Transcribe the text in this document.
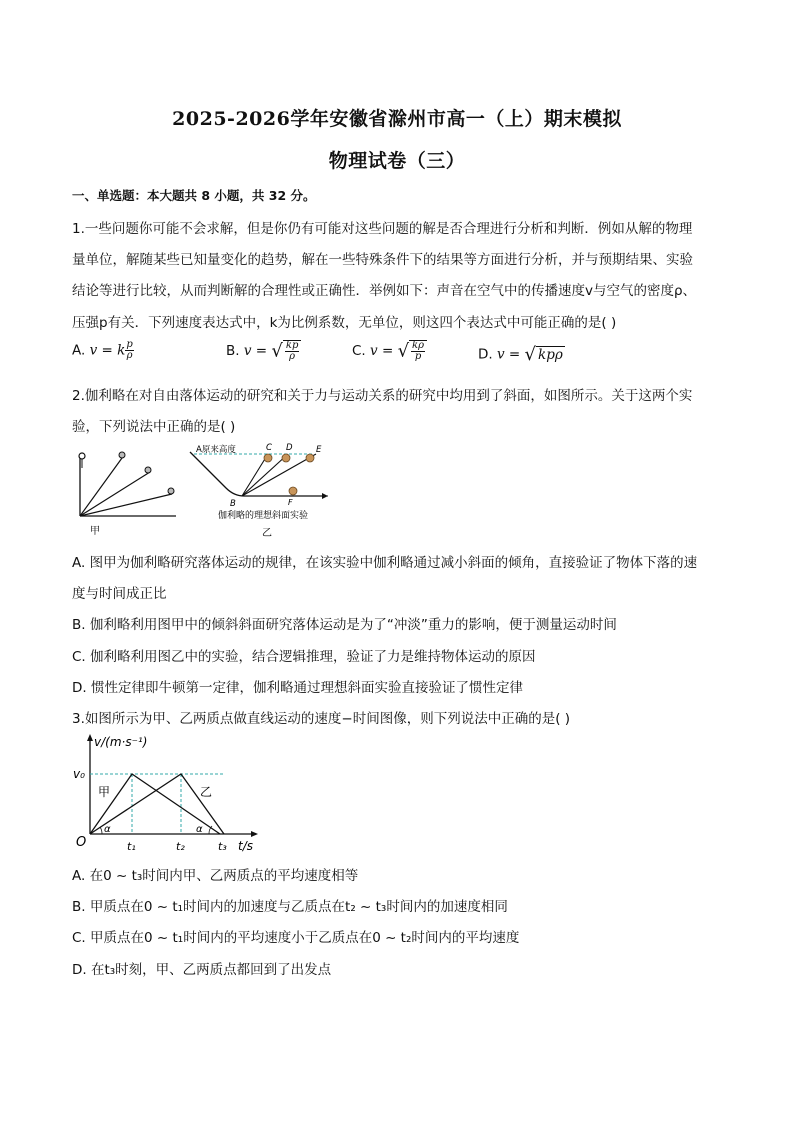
2025-2026学年安徽省滁州市高一（上）期末模拟
物理试卷（三）
一、单选题：本大题共 8 小题，共 32 分。
1.一些问题你可能不会求解，但是你仍有可能对这些问题的解是否合理进行分析和判断．例如从解的物理
量单位，解随某些已知量变化的趋势，解在一些特殊条件下的结果等方面进行分析，并与预期结果、实验
结论等进行比较，从而判断解的合理性或正确性．举例如下：声音在空气中的传播速度v与空气的密度ρ、
压强p有关．下列速度表达式中，k为比例系数，无单位，则这四个表达式中可能正确的是( )
A. v = k $\frac{p}{\rho}$	B. v = √ $\frac{kp}{\rho}$	C. v = √ $\frac{k\rho}{p}$	D. v = √ kpρ
2.伽利略在对自由落体运动的研究和关于力与运动关系的研究中均用到了斜面，如图所示。关于这两个实
验，下列说法中正确的是( )
甲
A原来高度	C D	E
B	F
伽利略的理想斜面实验
乙
A. 图甲为伽利略研究落体运动的规律，在该实验中伽利略通过减小斜面的倾角，直接验证了物体下落的速
度与时间成正比
B. 伽利略利用图甲中的倾斜斜面研究落体运动是为了“冲淡”重力的影响，便于测量运动时间
C. 伽利略利用图乙中的实验，结合逻辑推理，验证了力是维持物体运动的原因
D. 惯性定律即牛顿第一定律，伽利略通过理想斜面实验直接验证了惯性定律
3.如图所示为甲、乙两质点做直线运动的速度−时间图像，则下列说法中正确的是( )
v/(m·s⁻¹)
v₀
甲	乙
O
α	α
t₁	t₂	t₃ t/s
A. 在0 ~ t₃时间内甲、乙两质点的平均速度相等
B. 甲质点在0 ~ t₁时间内的加速度与乙质点在t₂ ~ t₃时间内的加速度相同
C. 甲质点在0 ~ t₁时间内的平均速度小于乙质点在0 ~ t₂时间内的平均速度
D. 在t₃时刻，甲、乙两质点都回到了出发点
